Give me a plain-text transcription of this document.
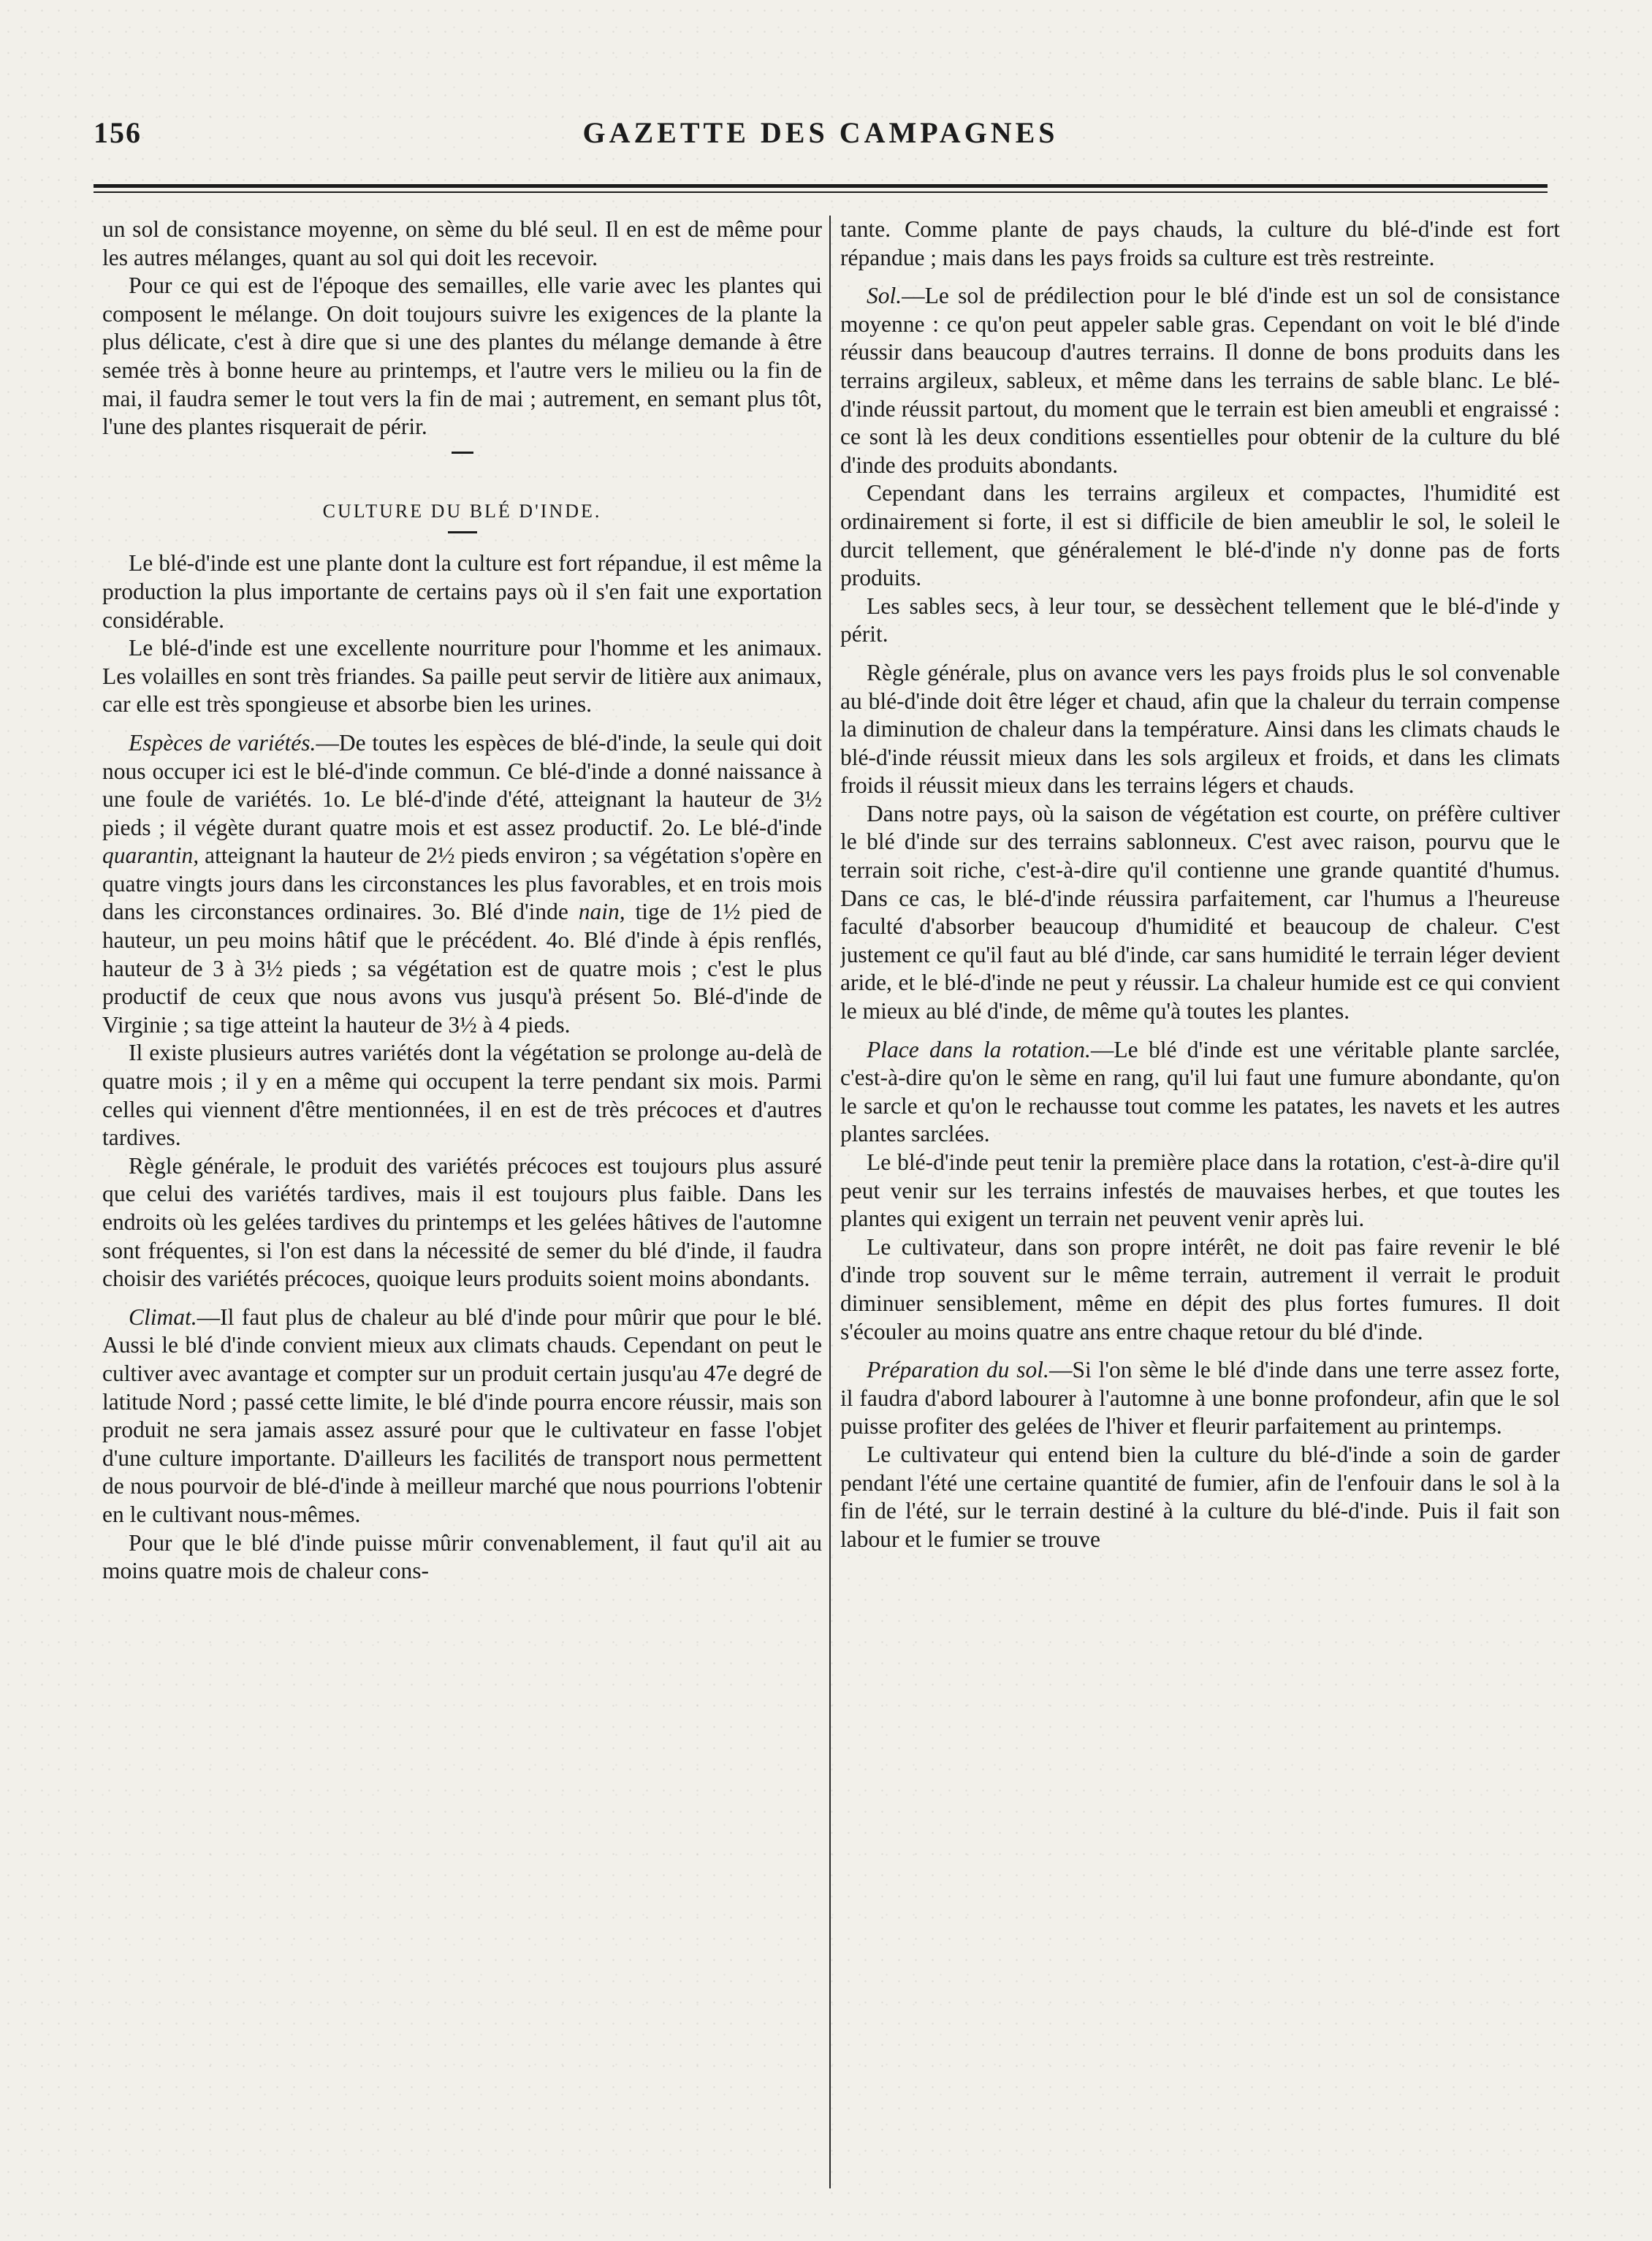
156	GAZETTE DES CAMPAGNES

un sol de consistance moyenne, on sème du blé seul. Il en est de même pour les autres mélanges, quant au sol qui doit les recevoir.

Pour ce qui est de l'époque des semailles, elle varie avec les plantes qui composent le mélange. On doit toujours suivre les exigences de la plante la plus délicate, c'est à dire que si une des plantes du mélange demande à être semée très à bonne heure au printemps, et l'autre vers le milieu ou la fin de mai, il faudra semer le tout vers la fin de mai ; autrement, en semant plus tôt, l'une des plantes risquerait de périr.

CULTURE DU BLÉ D'INDE.

Le blé-d'inde est une plante dont la culture est fort répandue, il est même la production la plus importante de certains pays où il s'en fait une exportation considérable.

Le blé-d'inde est une excellente nourriture pour l'homme et les animaux. Les volailles en sont très friandes. Sa paille peut servir de litière aux animaux, car elle est très spongieuse et absorbe bien les urines.

Espèces de variétés.—De toutes les espèces de blé-d'inde, la seule qui doit nous occuper ici est le blé-d'inde commun. Ce blé-d'inde a donné naissance à une foule de variétés. 1o. Le blé-d'inde d'été, atteignant la hauteur de 3½ pieds ; il végète durant quatre mois et est assez productif. 2o. Le blé-d'inde quarantin, atteignant la hauteur de 2½ pieds environ ; sa végétation s'opère en quatre vingts jours dans les circonstances les plus favorables, et en trois mois dans les circonstances ordinaires. 3o. Blé d'inde nain, tige de 1½ pied de hauteur, un peu moins hâtif que le précédent. 4o. Blé d'inde à épis renflés, hauteur de 3 à 3½ pieds ; sa végétation est de quatre mois ; c'est le plus productif de ceux que nous avons vus jusqu'à présent 5o. Blé-d'inde de Virginie ; sa tige atteint la hauteur de 3½ à 4 pieds.

Il existe plusieurs autres variétés dont la végétation se prolonge au-delà de quatre mois ; il y en a même qui occupent la terre pendant six mois. Parmi celles qui viennent d'être mentionnées, il en est de très précoces et d'autres tardives.

Règle générale, le produit des variétés précoces est toujours plus assuré que celui des variétés tardives, mais il est toujours plus faible. Dans les endroits où les gelées tardives du printemps et les gelées hâtives de l'automne sont fréquentes, si l'on est dans la nécessité de semer du blé d'inde, il faudra choisir des variétés précoces, quoique leurs produits soient moins abondants.

Climat.—Il faut plus de chaleur au blé d'inde pour mûrir que pour le blé. Aussi le blé d'inde convient mieux aux climats chauds. Cependant on peut le cultiver avec avantage et compter sur un produit certain jusqu'au 47e degré de latitude Nord ; passé cette limite, le blé d'inde pourra encore réussir, mais son produit ne sera jamais assez assuré pour que le cultivateur en fasse l'objet d'une culture importante. D'ailleurs les facilités de transport nous permettent de nous pourvoir de blé-d'inde à meilleur marché que nous pourrions l'obtenir en le cultivant nous-mêmes.

Pour que le blé d'inde puisse mûrir convenablement, il faut qu'il ait au moins quatre mois de chaleur cons-

tante. Comme plante de pays chauds, la culture du blé-d'inde est fort répandue ; mais dans les pays froids sa culture est très restreinte.

Sol.—Le sol de prédilection pour le blé d'inde est un sol de consistance moyenne : ce qu'on peut appeler sable gras. Cependant on voit le blé d'inde réussir dans beaucoup d'autres terrains. Il donne de bons produits dans les terrains argileux, sableux, et même dans les terrains de sable blanc. Le blé-d'inde réussit partout, du moment que le terrain est bien ameubli et engraissé : ce sont là les deux conditions essentielles pour obtenir de la culture du blé d'inde des produits abondants.

Cependant dans les terrains argileux et compactes, l'humidité est ordinairement si forte, il est si difficile de bien ameublir le sol, le soleil le durcit tellement, que généralement le blé-d'inde n'y donne pas de forts produits.

Les sables secs, à leur tour, se dessèchent tellement que le blé-d'inde y périt.

Règle générale, plus on avance vers les pays froids plus le sol convenable au blé-d'inde doit être léger et chaud, afin que la chaleur du terrain compense la diminution de chaleur dans la température. Ainsi dans les climats chauds le blé-d'inde réussit mieux dans les sols argileux et froids, et dans les climats froids il réussit mieux dans les terrains légers et chauds.

Dans notre pays, où la saison de végétation est courte, on préfère cultiver le blé d'inde sur des terrains sablonneux. C'est avec raison, pourvu que le terrain soit riche, c'est-à-dire qu'il contienne une grande quantité d'humus. Dans ce cas, le blé-d'inde réussira parfaitement, car l'humus a l'heureuse faculté d'absorber beaucoup d'humidité et beaucoup de chaleur. C'est justement ce qu'il faut au blé d'inde, car sans humidité le terrain léger devient aride, et le blé-d'inde ne peut y réussir. La chaleur humide est ce qui convient le mieux au blé d'inde, de même qu'à toutes les plantes.

Place dans la rotation.—Le blé d'inde est une véritable plante sarclée, c'est-à-dire qu'on le sème en rang, qu'il lui faut une fumure abondante, qu'on le sarcle et qu'on le rechausse tout comme les patates, les navets et les autres plantes sarclées.

Le blé-d'inde peut tenir la première place dans la rotation, c'est-à-dire qu'il peut venir sur les terrains infestés de mauvaises herbes, et que toutes les plantes qui exigent un terrain net peuvent venir après lui.

Le cultivateur, dans son propre intérêt, ne doit pas faire revenir le blé d'inde trop souvent sur le même terrain, autrement il verrait le produit diminuer sensiblement, même en dépit des plus fortes fumures. Il doit s'écouler au moins quatre ans entre chaque retour du blé d'inde.

Préparation du sol.—Si l'on sème le blé d'inde dans une terre assez forte, il faudra d'abord labourer à l'automne à une bonne profondeur, afin que le sol puisse profiter des gelées de l'hiver et fleurir parfaitement au printemps.

Le cultivateur qui entend bien la culture du blé-d'inde a soin de garder pendant l'été une certaine quantité de fumier, afin de l'enfouir dans le sol à la fin de l'été, sur le terrain destiné à la culture du blé-d'inde. Puis il fait son labour et le fumier se trouve
